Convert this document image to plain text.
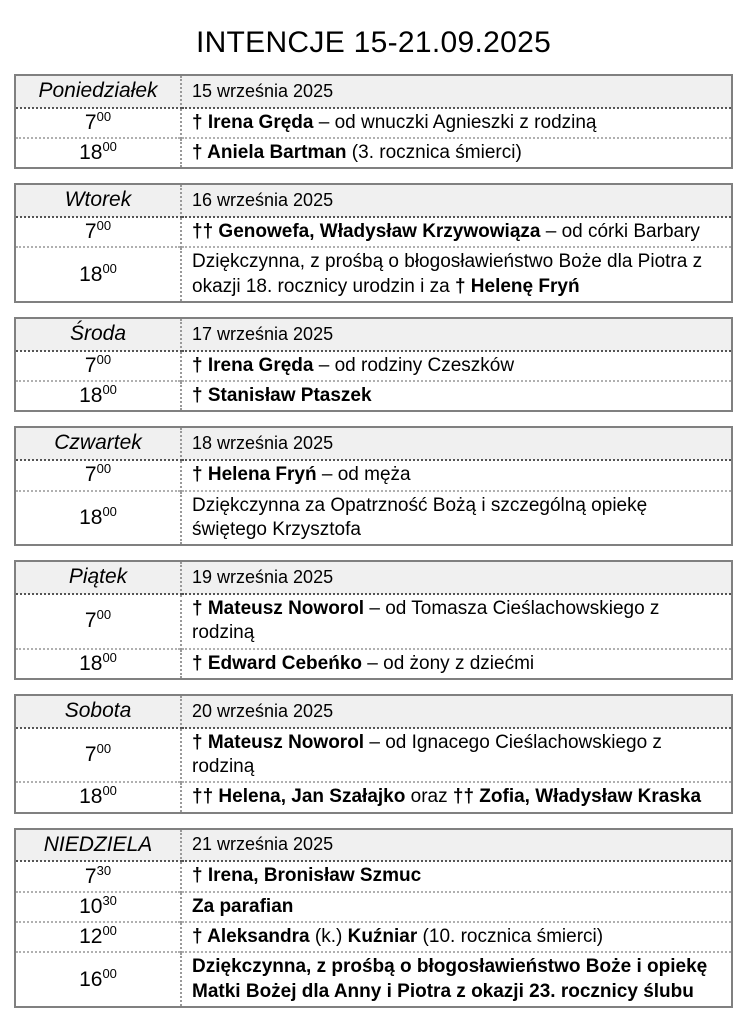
INTENCJE 15-21.09.2025
Poniedziałek	15 września 2025
$7^{00}$	† Irena Gręda – od wnuczki Agnieszki z rodziną
$18^{00}$	† Aniela Bartman (3. rocznica śmierci)
Wtorek	16 września 2025
$7^{00}$	†† Genowefa, Władysław Krzywowiąza – od córki Barbary
$18^{00}$	Dziękczynna, z prośbą o błogosławieństwo Boże dla Piotra z okazji 18. rocznicy urodzin i za † Helenę Fryń
Środa	17 września 2025
$7^{00}$	† Irena Gręda – od rodziny Czeszków
$18^{00}$	† Stanisław Ptaszek
Czwartek	18 września 2025
$7^{00}$	† Helena Fryń – od męża
$18^{00}$	Dziękczynna za Opatrzność Bożą i szczególną opiekę świętego Krzysztofa
Piątek	19 września 2025
$7^{00}$	† Mateusz Noworol – od Tomasza Cieślachowskiego z rodziną
$18^{00}$	† Edward Cebeńko – od żony z dziećmi
Sobota	20 września 2025
$7^{00}$	† Mateusz Noworol – od Ignacego Cieślachowskiego z rodziną
$18^{00}$	†† Helena, Jan Szałajko oraz †† Zofia, Władysław Kraska
NIEDZIELA	21 września 2025
$7^{30}$	† Irena, Bronisław Szmuc
$10^{30}$	Za parafian
$12^{00}$	† Aleksandra (k.) Kuźniar (10. rocznica śmierci)
$16^{00}$	Dziękczynna, z prośbą o błogosławieństwo Boże i opiekę Matki Bożej dla Anny i Piotra z okazji 23. rocznicy ślubu
